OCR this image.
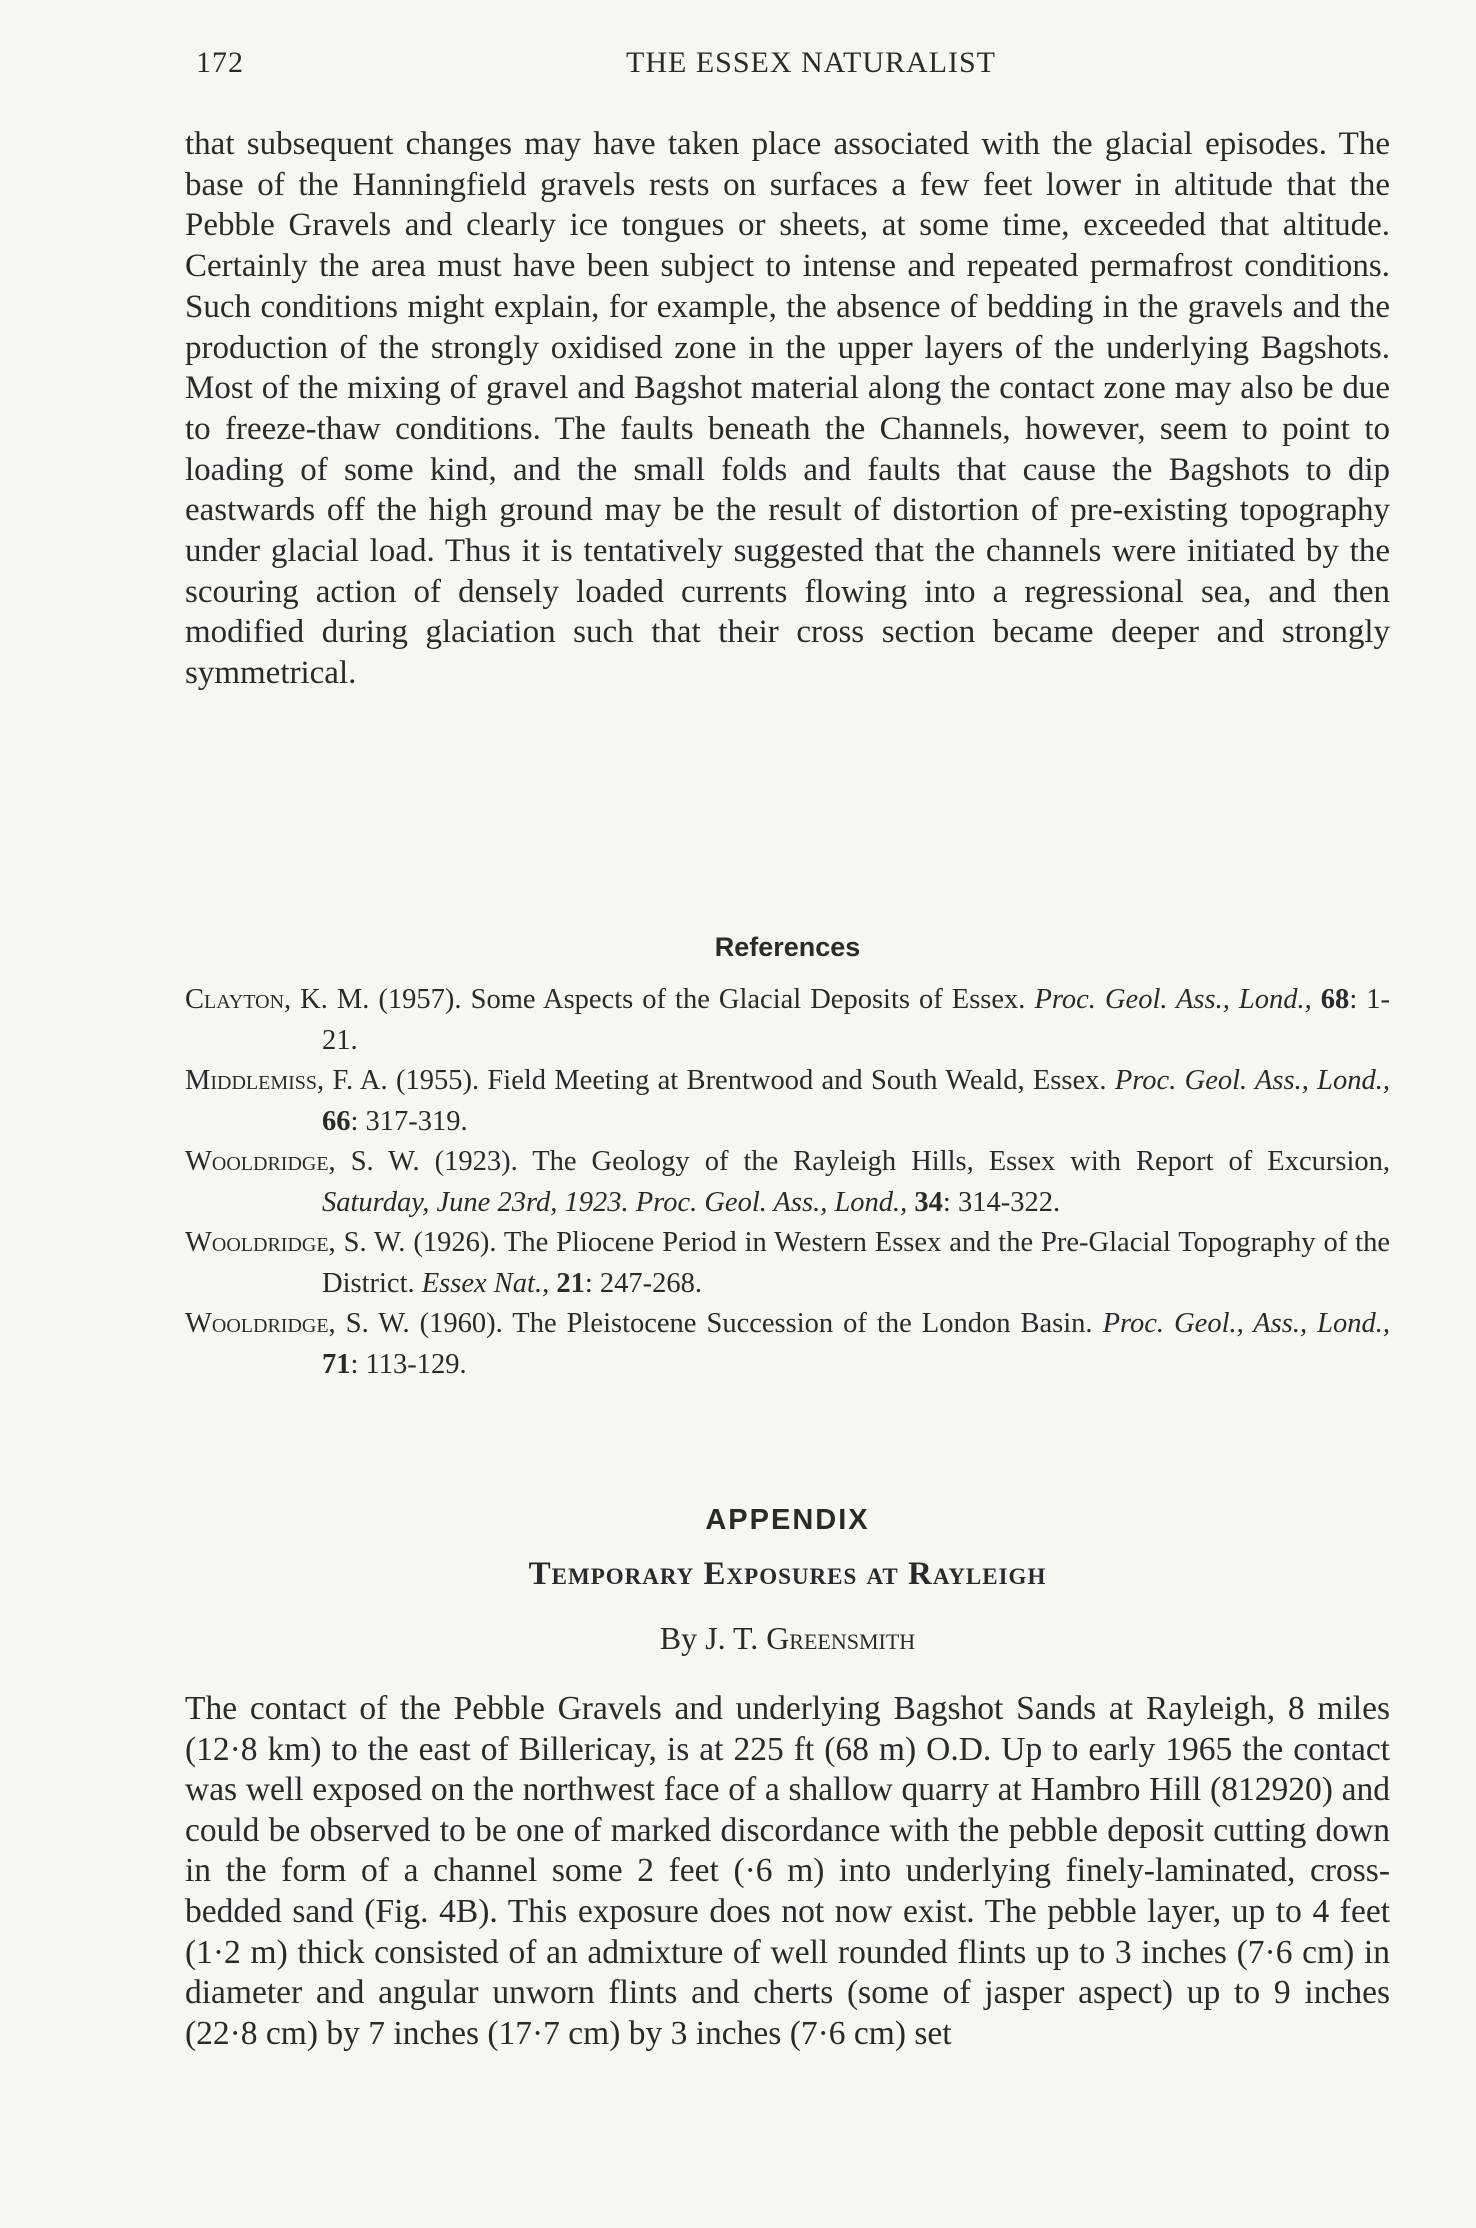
172	THE ESSEX NATURALIST

that subsequent changes may have taken place associated with the glacial episodes. The base of the Hanningfield gravels rests on surfaces a few feet lower in altitude that the Pebble Gravels and clearly ice tongues or sheets, at some time, exceeded that altitude. Certainly the area must have been subject to intense and repeated permafrost conditions. Such conditions might explain, for example, the absence of bedding in the gravels and the production of the strongly oxidised zone in the upper layers of the underlying Bagshots. Most of the mixing of gravel and Bagshot material along the contact zone may also be due to freeze-thaw conditions. The faults beneath the Channels, however, seem to point to loading of some kind, and the small folds and faults that cause the Bagshots to dip eastwards off the high ground may be the result of distortion of pre-existing topography under glacial load. Thus it is tentatively suggested that the channels were initiated by the scouring action of densely loaded currents flowing into a regressional sea, and then modified during glaciation such that their cross section became deeper and strongly symmetrical.

References

Clayton, K. M. (1957). Some Aspects of the Glacial Deposits of Essex. Proc. Geol. Ass., Lond., 68: 1-21.

Middlemiss, F. A. (1955). Field Meeting at Brentwood and South Weald, Essex. Proc. Geol. Ass., Lond., 66: 317-319.

Wooldridge, S. W. (1923). The Geology of the Rayleigh Hills, Essex with Report of Excursion, Saturday, June 23rd, 1923. Proc. Geol. Ass., Lond., 34: 314-322.

Wooldridge, S. W. (1926). The Pliocene Period in Western Essex and the Pre-Glacial Topography of the District. Essex Nat., 21: 247-268.

Wooldridge, S. W. (1960). The Pleistocene Succession of the London Basin. Proc. Geol., Ass., Lond., 71: 113-129.

APPENDIX
Temporary Exposures at Rayleigh

By J. T. Greensmith

The contact of the Pebble Gravels and underlying Bagshot Sands at Rayleigh, 8 miles (12·8 km) to the east of Billericay, is at 225 ft (68 m) O.D. Up to early 1965 the contact was well exposed on the northwest face of a shallow quarry at Hambro Hill (812920) and could be observed to be one of marked discordance with the pebble deposit cutting down in the form of a channel some 2 feet (·6 m) into underlying finely-laminated, cross-bedded sand (Fig. 4B). This exposure does not now exist. The pebble layer, up to 4 feet (1·2 m) thick consisted of an admixture of well rounded flints up to 3 inches (7·6 cm) in diameter and angular unworn flints and cherts (some of jasper aspect) up to 9 inches (22·8 cm) by 7 inches (17·7 cm) by 3 inches (7·6 cm) set
